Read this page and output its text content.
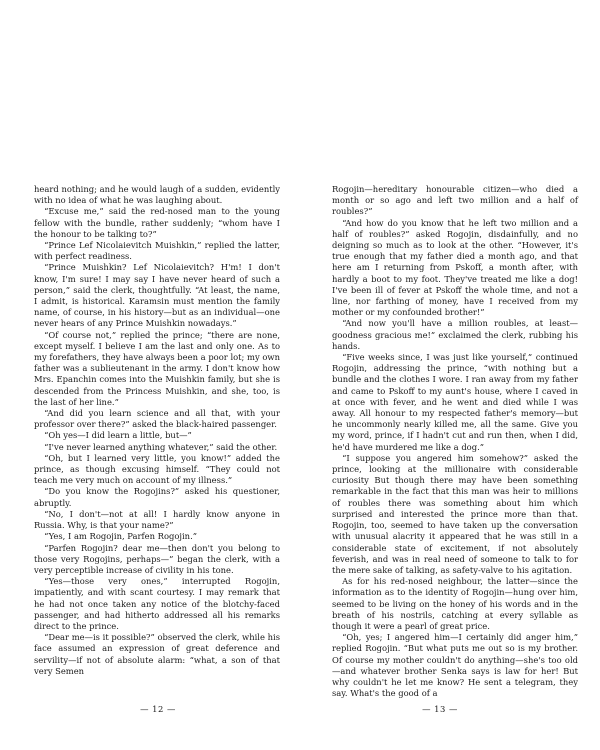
heard nothing; and he would laugh of a sudden, evidently with no idea of what he was laughing about.

“Excuse me,” said the red-nosed man to the young fellow with the bundle, rather suddenly; “whom have I the honour to be talking to?”

“Prince Lef Nicolaievitch Muishkin,” replied the latter, with perfect readiness.

“Prince Muishkin? Lef Nicolaievitch? H'm! I don't know, I'm sure! I may say I have never heard of such a person,” said the clerk, thoughtfully. “At least, the name, I admit, is historical. Karamsin must mention the family name, of course, in his history—but as an individual—one never hears of any Prince Muishkin nowadays.”

“Of course not,” replied the prince; “there are none, except myself. I believe I am the last and only one. As to my forefathers, they have always been a poor lot; my own father was a sublieutenant in the army. I don't know how Mrs. Epanchin comes into the Muishkin family, but she is descended from the Princess Muishkin, and she, too, is the last of her line.”

“And did you learn science and all that, with your professor over there?” asked the black-haired passenger.

“Oh yes—I did learn a little, but—”

“I've never learned anything whatever,” said the other.

“Oh, but I learned very little, you know!” added the prince, as though excusing himself. “They could not teach me very much on account of my illness.”

“Do you know the Rogojins?” asked his questioner, abruptly.

“No, I don't—not at all! I hardly know anyone in Russia. Why, is that your name?”

“Yes, I am Rogojin, Parfen Rogojin.”

“Parfen Rogojin? dear me—then don't you belong to those very Rogojins, perhaps—” began the clerk, with a very perceptible increase of civility in his tone.

“Yes—those very ones,” interrupted Rogojin, impatiently, and with scant courtesy. I may remark that he had not once taken any notice of the blotchy-faced passenger, and had hitherto addressed all his remarks direct to the prince.

“Dear me—is it possible?” observed the clerk, while his face assumed an expression of great deference and servility—if not of absolute alarm: “what, a son of that very Semen

— 12 —

Rogojin—hereditary honourable citizen—who died a month or so ago and left two million and a half of roubles?”

“And how do you know that he left two million and a half of roubles?” asked Rogojin, disdainfully, and no deigning so much as to look at the other. “However, it's true enough that my father died a month ago, and that here am I returning from Pskoff, a month after, with hardly a boot to my foot. They've treated me like a dog! I've been ill of fever at Pskoff the whole time, and not a line, nor farthing of money, have I received from my mother or my confounded brother!”

“And now you'll have a million roubles, at least—goodness gracious me!” exclaimed the clerk, rubbing his hands.

“Five weeks since, I was just like yourself,” continued Rogojin, addressing the prince, “with nothing but a bundle and the clothes I wore. I ran away from my father and came to Pskoff to my aunt's house, where I caved in at once with fever, and he went and died while I was away. All honour to my respected father's memory—but he uncommonly nearly killed me, all the same. Give you my word, prince, if I hadn't cut and run then, when I did, he'd have murdered me like a dog.”

“I suppose you angered him somehow?” asked the prince, looking at the millionaire with considerable curiosity But though there may have been something remarkable in the fact that this man was heir to millions of roubles there was something about him which surprised and interested the prince more than that. Rogojin, too, seemed to have taken up the conversation with unusual alacrity it appeared that he was still in a considerable state of excitement, if not absolutely feverish, and was in real need of someone to talk to for the mere sake of talking, as safety-valve to his agitation.

As for his red-nosed neighbour, the latter—since the information as to the identity of Rogojin—hung over him, seemed to be living on the honey of his words and in the breath of his nostrils, catching at every syllable as though it were a pearl of great price.

“Oh, yes; I angered him—I certainly did anger him,” replied Rogojin. “But what puts me out so is my brother. Of course my mother couldn't do anything—she's too old—and whatever brother Senka says is law for her! But why couldn't he let me know? He sent a telegram, they say. What's the good of a

— 13 —
